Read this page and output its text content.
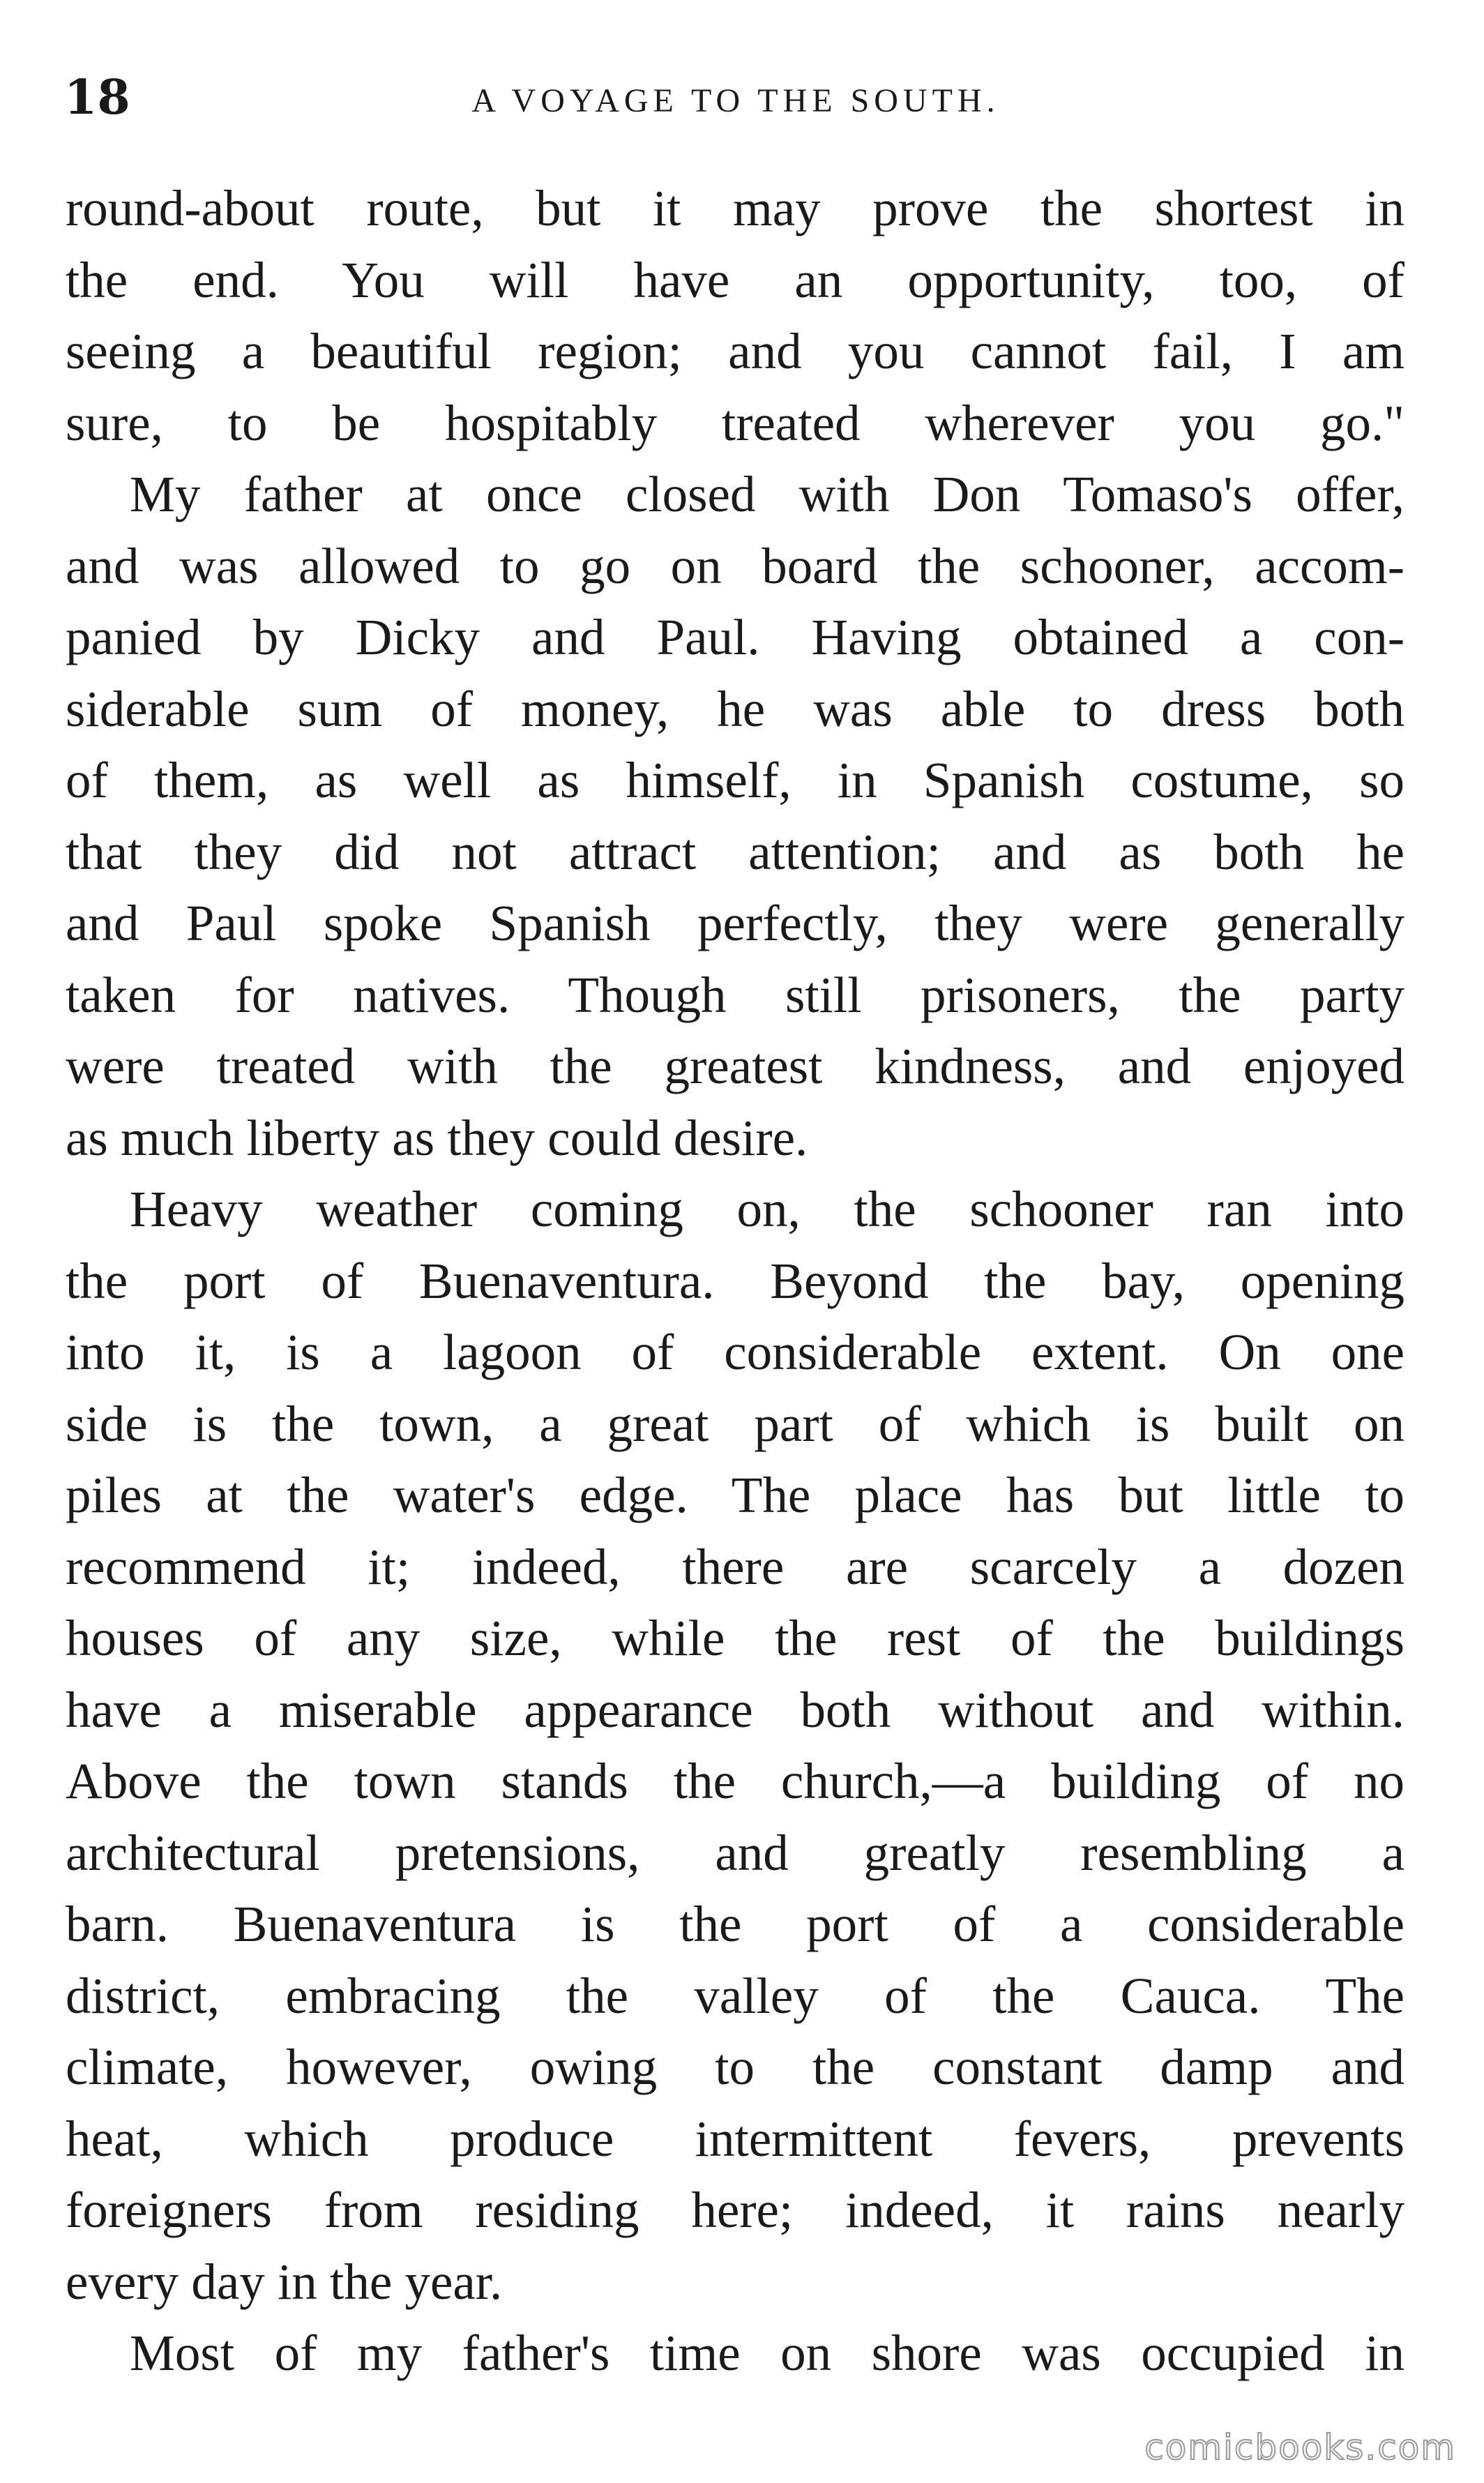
18	A VOYAGE TO THE SOUTH.
round-about route, but it may prove the shortest in
the end. You will have an opportunity, too, of
seeing a beautiful region; and you cannot fail, I am
sure, to be hospitably treated wherever you go."
My father at once closed with Don Tomaso's offer,
and was allowed to go on board the schooner, accom-
panied by Dicky and Paul. Having obtained a con-
siderable sum of money, he was able to dress both
of them, as well as himself, in Spanish costume, so
that they did not attract attention; and as both he
and Paul spoke Spanish perfectly, they were generally
taken for natives. Though still prisoners, the party
were treated with the greatest kindness, and enjoyed
as much liberty as they could desire.
Heavy weather coming on, the schooner ran into
the port of Buenaventura. Beyond the bay, opening
into it, is a lagoon of considerable extent. On one
side is the town, a great part of which is built on
piles at the water's edge. The place has but little to
recommend it; indeed, there are scarcely a dozen
houses of any size, while the rest of the buildings
have a miserable appearance both without and within.
Above the town stands the church,—a building of no
architectural pretensions, and greatly resembling a
barn. Buenaventura is the port of a considerable
district, embracing the valley of the Cauca. The
climate, however, owing to the constant damp and
heat, which produce intermittent fevers, prevents
foreigners from residing here; indeed, it rains nearly
every day in the year.
Most of my father's time on shore was occupied in
comicbooks.com
